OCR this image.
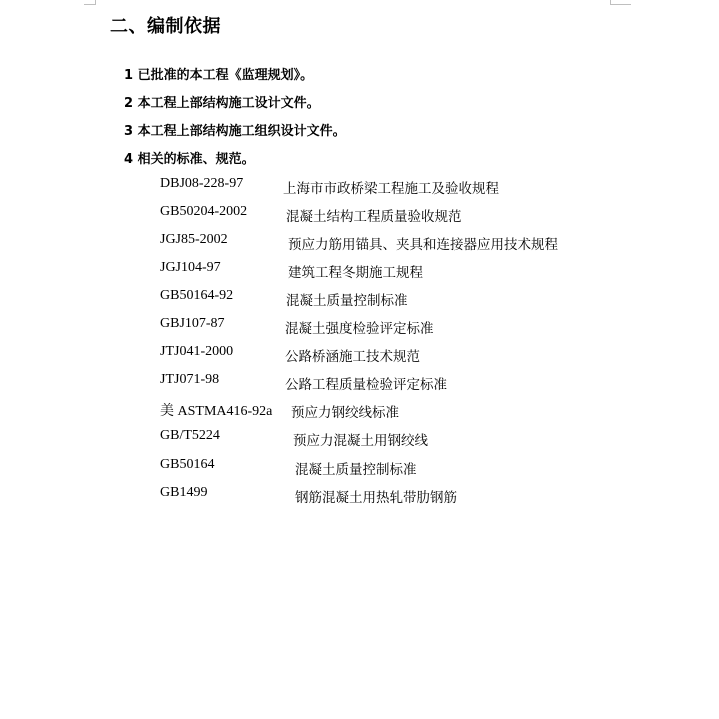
二、编制依据
1 已批准的本工程《监理规划》。
2 本工程上部结构施工设计文件。
3 本工程上部结构施工组织设计文件。
4 相关的标准、规范。
DBJ08-228-97	上海市市政桥梁工程施工及验收规程
GB50204-2002	混凝土结构工程质量验收规范
JGJ85-2002	预应力筋用锚具、夹具和连接器应用技术规程
JGJ104-97	建筑工程冬期施工规程
GB50164-92	混凝土质量控制标准
GBJ107-87	混凝土强度检验评定标准
JTJ041-2000	公路桥涵施工技术规范
JTJ071-98	公路工程质量检验评定标准
美 ASTMA416-92a 预应力钢绞线标准
GB/T5224	预应力混凝土用钢绞线
GB50164	混凝土质量控制标准
GB1499	钢筋混凝土用热轧带肋钢筋
